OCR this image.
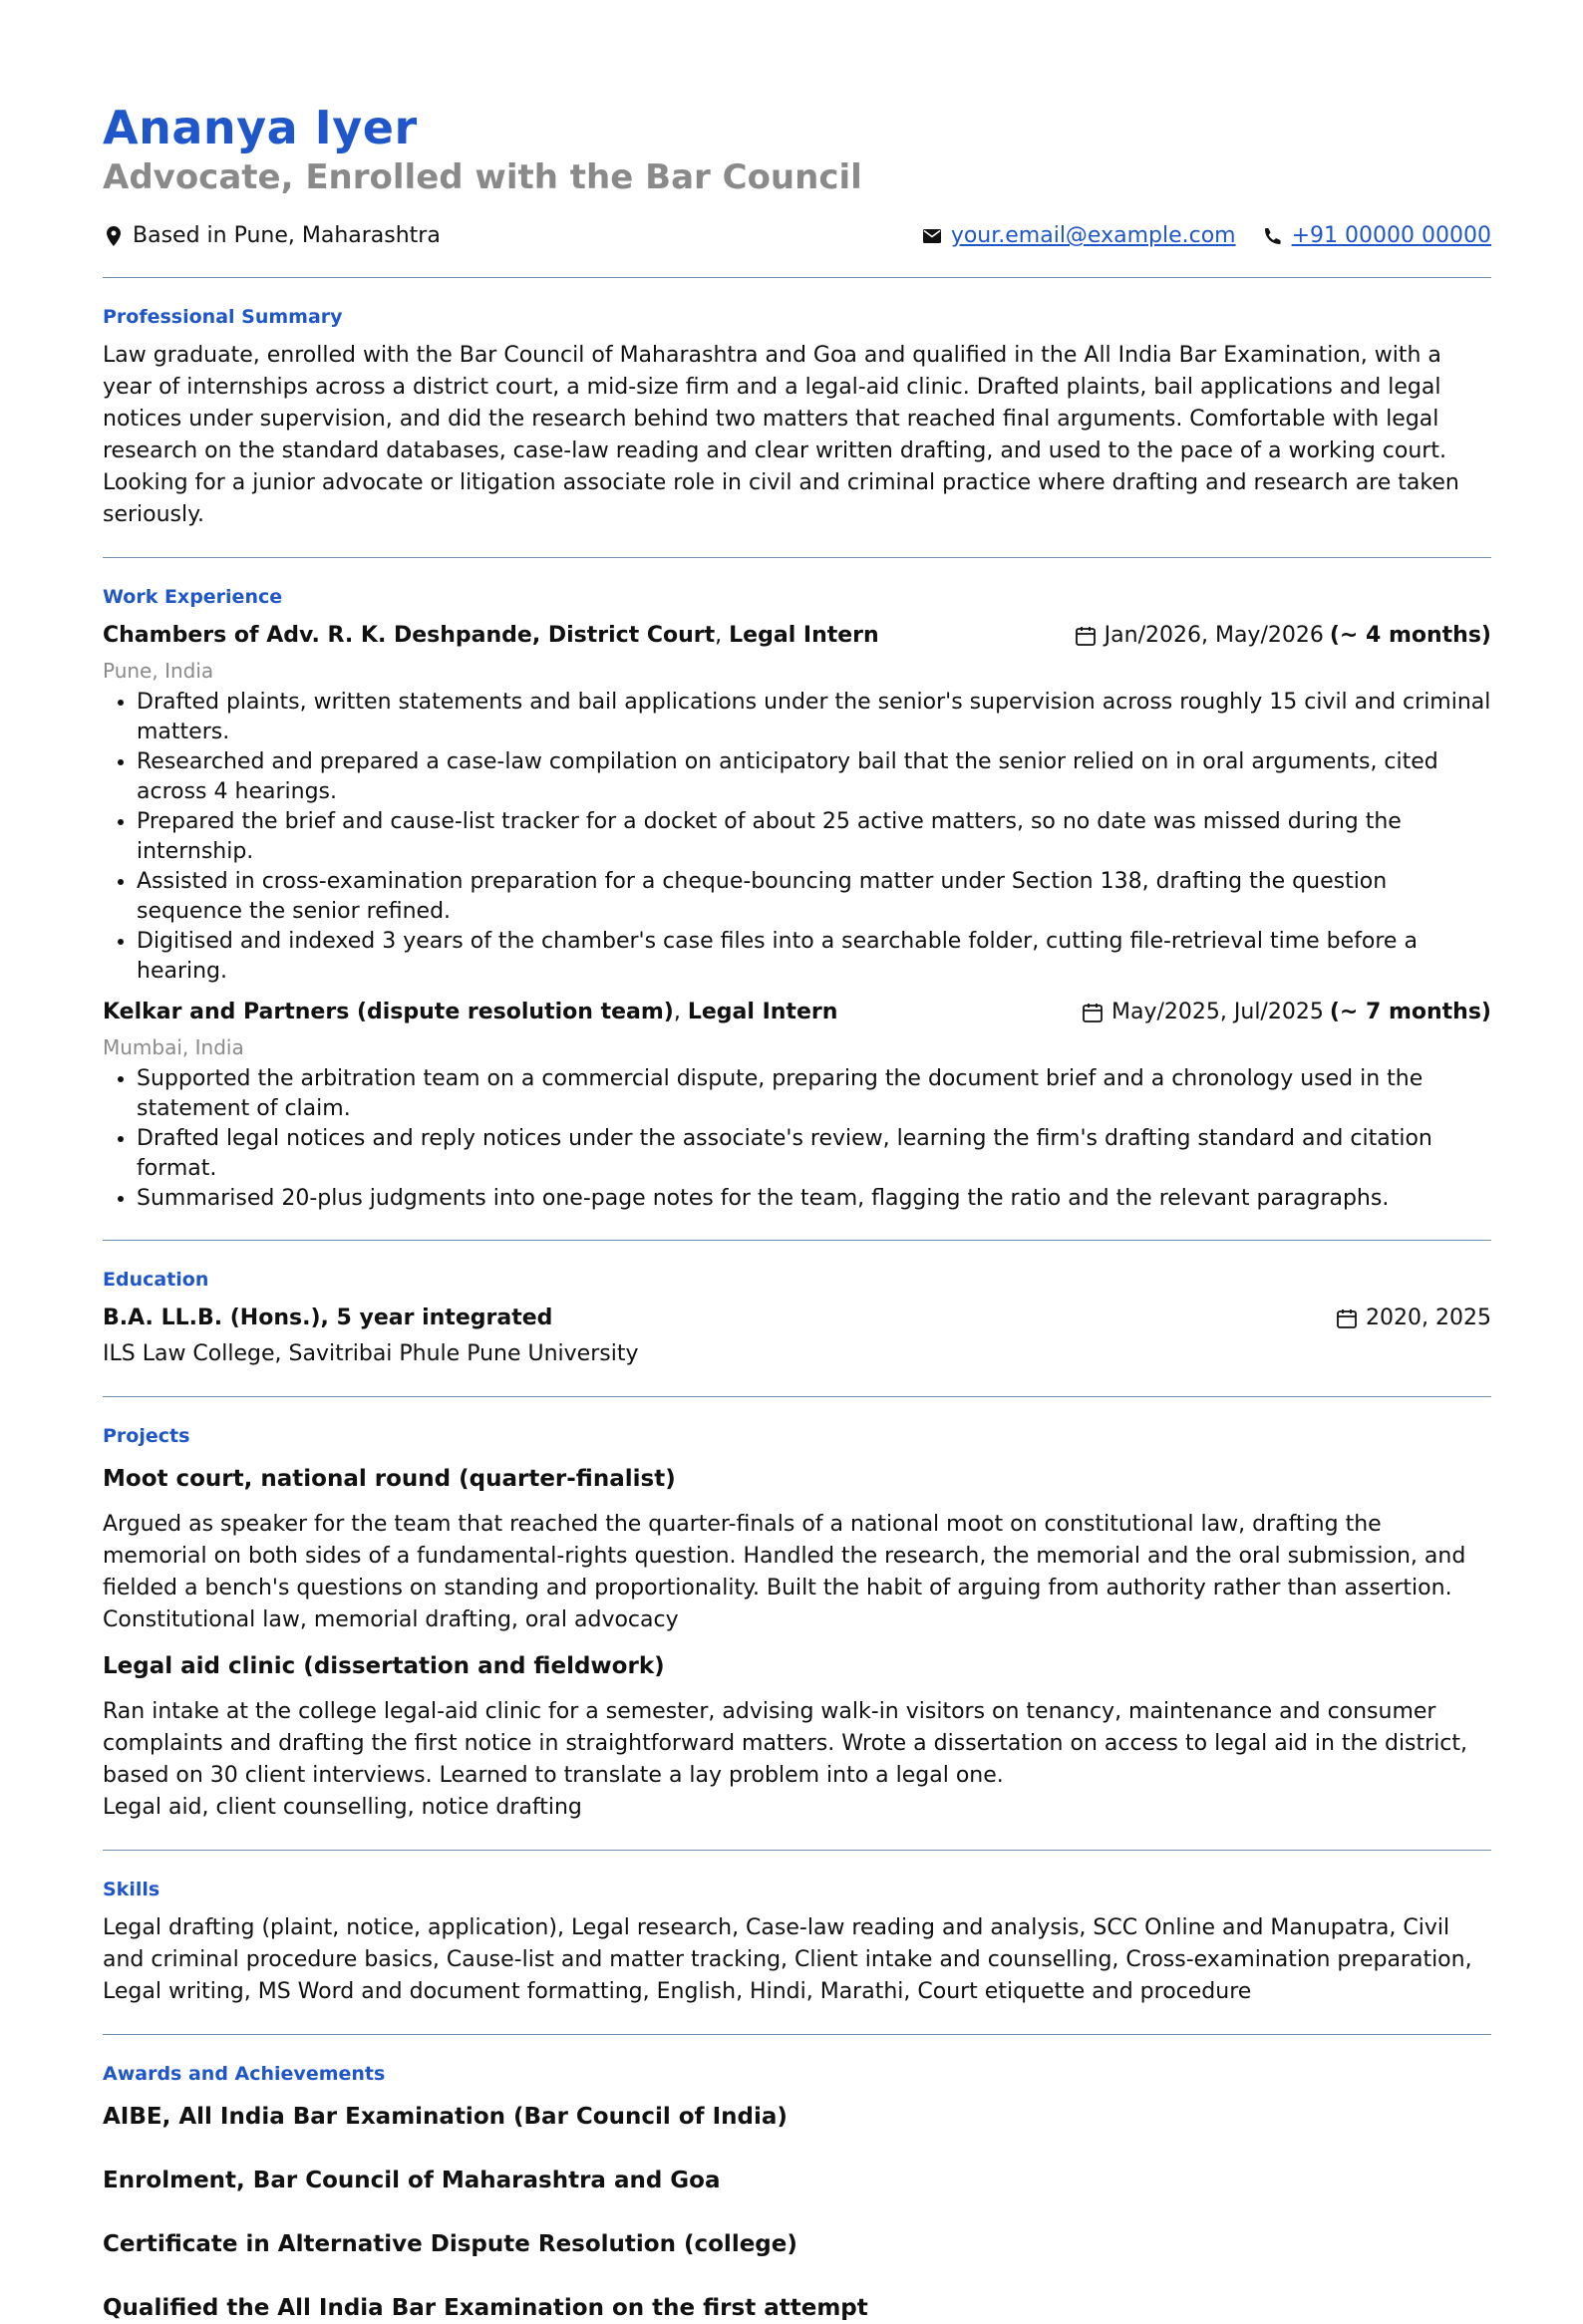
Ananya Iyer
Advocate, Enrolled with the Bar Council
Based in Pune, Maharashtra	your.email@example.com	+91 00000 00000
Professional Summary

Law graduate, enrolled with the Bar Council of Maharashtra and Goa and qualified in the All India Bar Examination, with a year of internships across a district court, a mid-size firm and a legal-aid clinic. Drafted plaints, bail applications and legal notices under supervision, and did the research behind two matters that reached final arguments. Comfortable with legal research on the standard databases, case-law reading and clear written drafting, and used to the pace of a working court. Looking for a junior advocate or litigation associate role in civil and criminal practice where drafting and research are taken seriously.

Work Experience
Chambers of Adv. R. K. Deshpande, District Court, Legal Intern	Jan/2026, May/2026 (~ 4 months)
Pune, India
• Drafted plaints, written statements and bail applications under the senior's supervision across roughly 15 civil and criminal matters.
• Researched and prepared a case-law compilation on anticipatory bail that the senior relied on in oral arguments, cited across 4 hearings.
• Prepared the brief and cause-list tracker for a docket of about 25 active matters, so no date was missed during the internship.
• Assisted in cross-examination preparation for a cheque-bouncing matter under Section 138, drafting the question sequence the senior refined.
• Digitised and indexed 3 years of the chamber's case files into a searchable folder, cutting file-retrieval time before a hearing.
Kelkar and Partners (dispute resolution team), Legal Intern	May/2025, Jul/2025 (~ 7 months)
Mumbai, India
• Supported the arbitration team on a commercial dispute, preparing the document brief and a chronology used in the statement of claim.
• Drafted legal notices and reply notices under the associate's review, learning the firm's drafting standard and citation format.
• Summarised 20-plus judgments into one-page notes for the team, flagging the ratio and the relevant paragraphs.
Education
B.A. LL.B. (Hons.), 5 year integrated	2020, 2025
ILS Law College, Savitribai Phule Pune University
Projects
Moot court, national round (quarter-finalist)

Argued as speaker for the team that reached the quarter-finals of a national moot on constitutional law, drafting the memorial on both sides of a fundamental-rights question. Handled the research, the memorial and the oral submission, and fielded a bench's questions on standing and proportionality. Built the habit of arguing from authority rather than assertion.

Constitutional law, memorial drafting, oral advocacy

Legal aid clinic (dissertation and fieldwork)

Ran intake at the college legal-aid clinic for a semester, advising walk-in visitors on tenancy, maintenance and consumer complaints and drafting the first notice in straightforward matters. Wrote a dissertation on access to legal aid in the district, based on 30 client interviews. Learned to translate a lay problem into a legal one.

Legal aid, client counselling, notice drafting

Skills

Legal drafting (plaint, notice, application), Legal research, Case-law reading and analysis, SCC Online and Manupatra, Civil and criminal procedure basics, Cause-list and matter tracking, Client intake and counselling, Cross-examination preparation, Legal writing, MS Word and document formatting, English, Hindi, Marathi, Court etiquette and procedure

Awards and Achievements
AIBE, All India Bar Examination (Bar Council of India)
Enrolment, Bar Council of Maharashtra and Goa
Certificate in Alternative Dispute Resolution (college)
Qualified the All India Bar Examination on the first attempt
